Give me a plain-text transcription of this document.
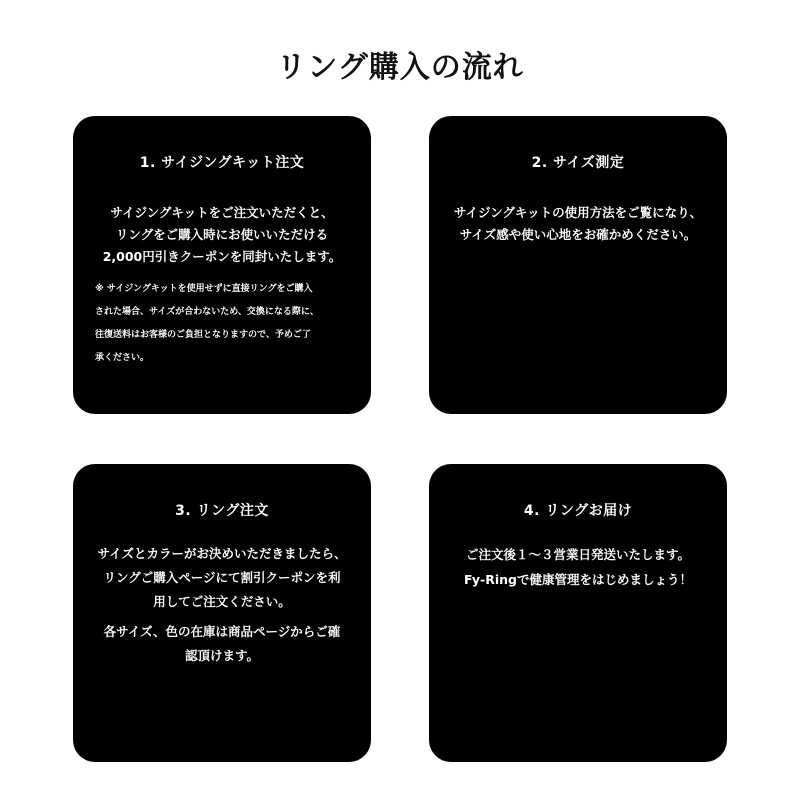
リング購入の流れ
1. サイジングキット注文
サイジングキットをご注文いただくと、
リングをご購入時にお使いいただける
2,000円引きクーポンを同封いたします。
※ サイジングキットを使用せずに直接リングをご購入
された場合、サイズが合わないため、交換になる際に、
往復送料はお客様のご負担となりますので、予めご了
承ください。
2. サイズ測定
サイジングキットの使用方法をご覧になり、
サイズ感や使い心地をお確かめください。
3. リング注文
サイズとカラーがお決めいただきましたら、
リングご購入ページにて割引クーポンを利
用してご注文ください。
各サイズ、色の在庫は商品ページからご確
認頂けます。
4. リングお届け
ご注文後１〜３営業日発送いたします。
Fy-Ringで健康管理をはじめましょう！
